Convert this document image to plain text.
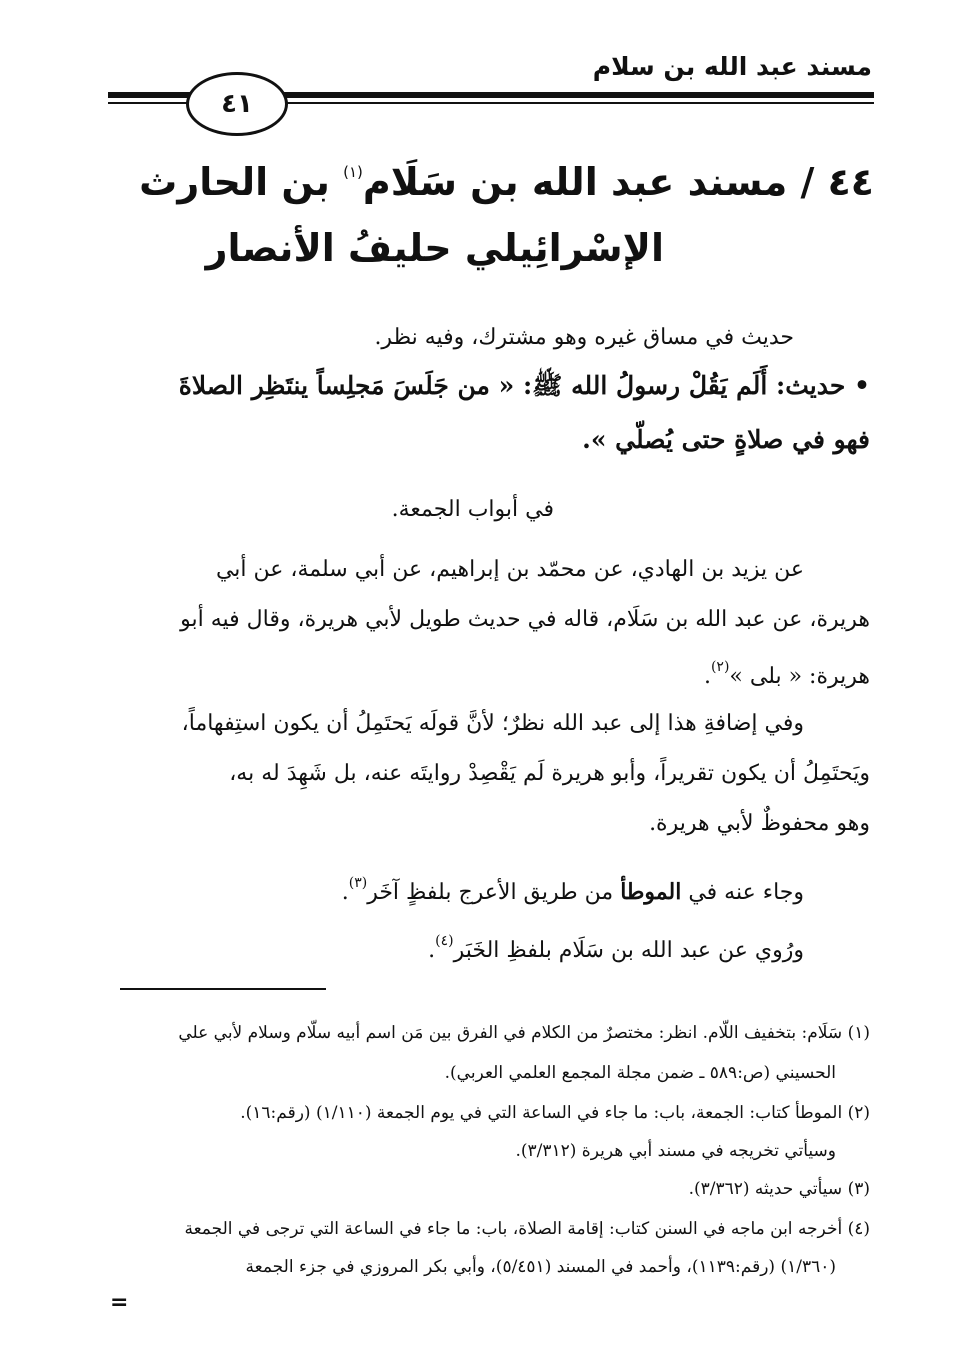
مسند عبد الله بن سلام
٤١
٤٤ / مسند عبد الله بن سَلَام$^{(١)}$ بن الحارث
الإسْرائِيلي حليفُ الأنصار
حديث في مساق غيره وهو مشترك، وفيه نظر.
• حديث: أَلَم يَقُلْ رسولُ الله ﷺ: « من جَلَسَ مَجلِساً ينتَظِر الصلاةَ
فهو في صلاةٍ حتى يُصلّي ».
في أبواب الجمعة.
عن يزيد بن الهادي، عن محمّد بن إبراهيم، عن أبي سلمة، عن أبي
هريرة، عن عبد الله بن سَلَام، قاله في حديث طويل لأبي هريرة، وقال فيه أبو
هريرة: « بلى »$^{(٢)}$.
وفي إضافةِ هذا إلى عبد الله نظرٌ؛ لأنَّ قولَه يَحتَمِلُ أن يكون استِفهاماً،
ويَحتَمِلُ أن يكون تقريراً، وأبو هريرة لَم يَقْصِدْ روايتَه عنه، بل شَهِدَ له به،
وهو محفوظٌ لأبي هريرة.
وجاء عنه في الموطأ من طريق الأعرج بلفظٍ آخَر$^{(٣)}$.
ورُوي عن عبد الله بن سَلَام بلفظِ الخَبَر$^{(٤)}$.
(١) سَلَام: بتخفيف اللّام. انظر: مختصرٌ من الكلام في الفرق بين مَن اسم أبيه سلّام وسلام لأبي علي
الحسيني (ص:٥٨٩ ـ ضمن مجلة المجمع العلمي العربي).
(٢) الموطأ كتاب: الجمعة، باب: ما جاء في الساعة التي في يوم الجمعة (١/١١٠) (رقم:١٦).
وسيأتي تخريجه في مسند أبي هريرة (٣/٣١٢).
(٣) سيأتي حديثه (٣/٣٦٢).
(٤) أخرجه ابن ماجه في السنن كتاب: إقامة الصلاة، باب: ما جاء في الساعة التي ترجى في الجمعة
(١/٣٦٠) (رقم:١١٣٩)، وأحمد في المسند (٥/٤٥١)، وأبي بكر المروزي في جزء الجمعة
=
